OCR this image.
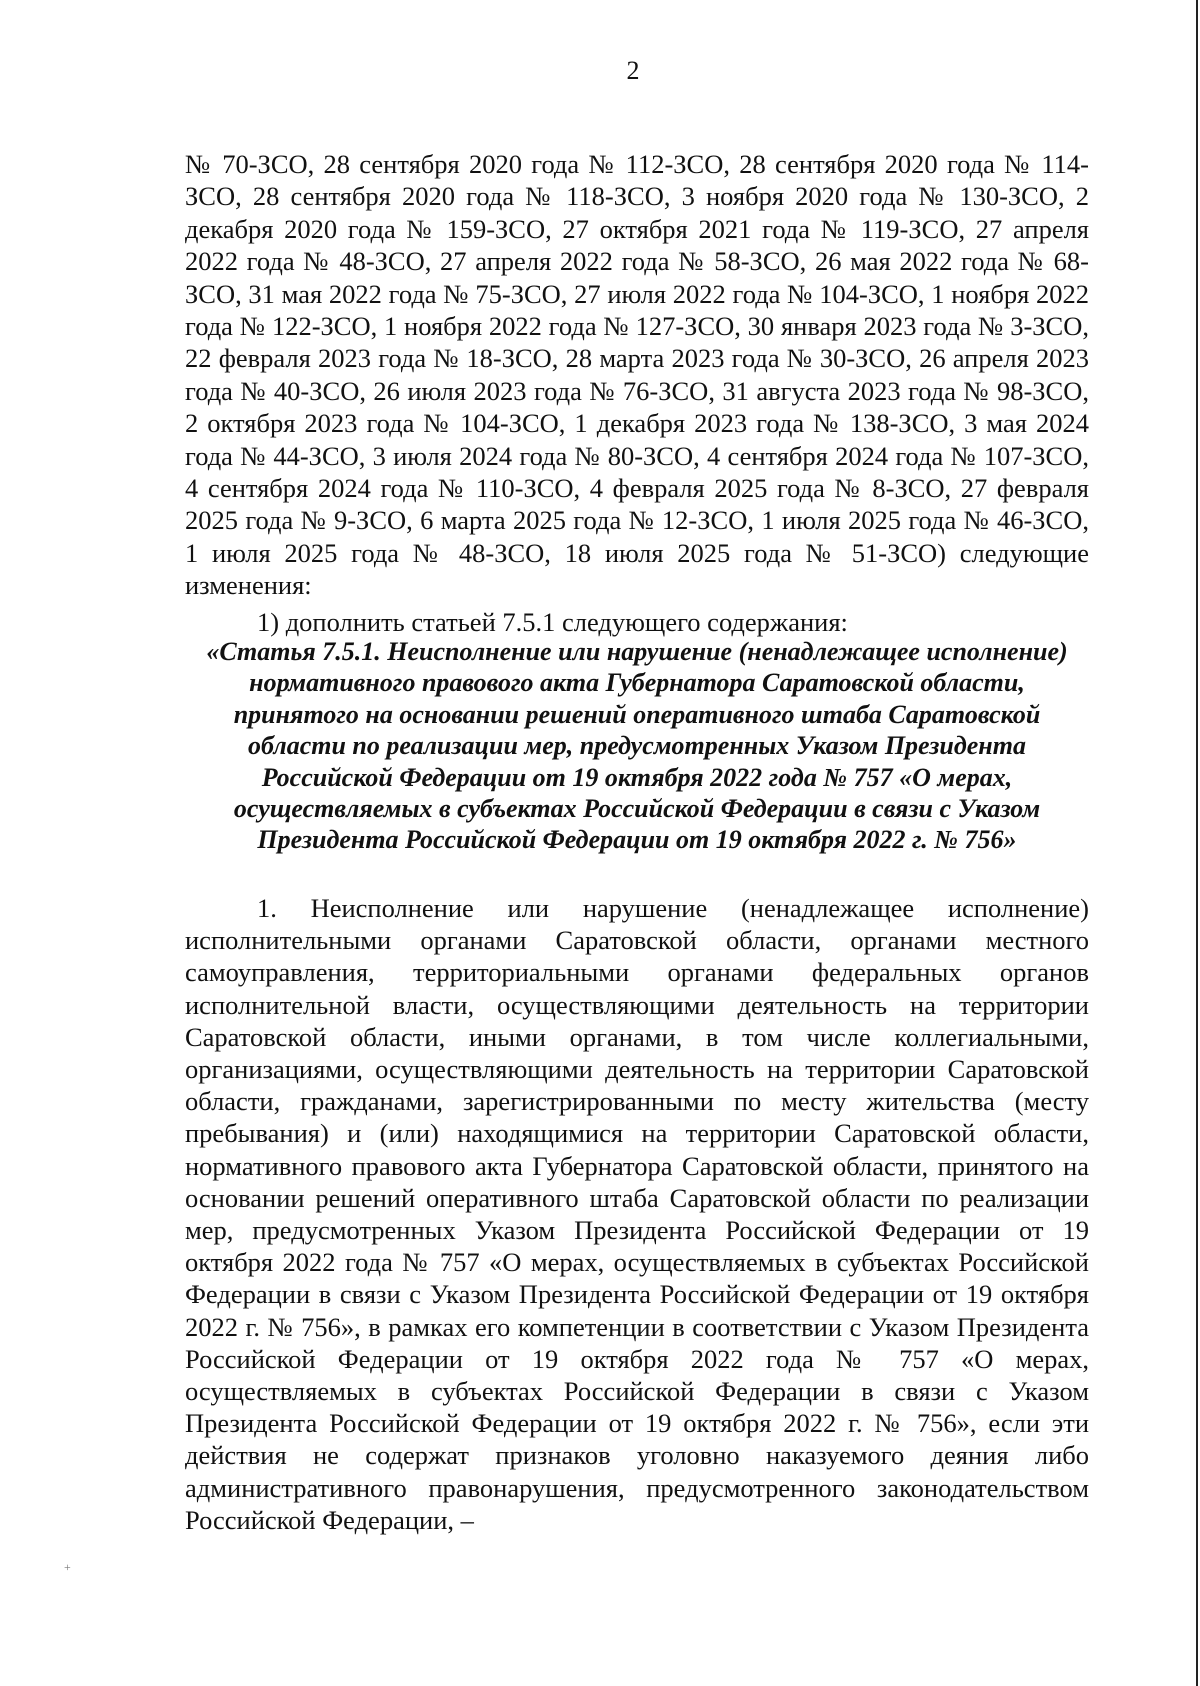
2
№ 70-ЗСО, 28 сентября 2020 года № 112-ЗСО, 28 сентября 2020 года № 114-ЗСО, 28 сентября 2020 года № 118-ЗСО, 3 ноября 2020 года № 130-ЗСО, 2 декабря 2020 года № 159-ЗСО, 27 октября 2021 года № 119-ЗСО, 27 апреля 2022 года № 48-ЗСО, 27 апреля 2022 года № 58-ЗСО, 26 мая 2022 года № 68-ЗСО, 31 мая 2022 года № 75-ЗСО, 27 июля 2022 года № 104-ЗСО, 1 ноября 2022 года № 122-ЗСО, 1 ноября 2022 года № 127-ЗСО, 30 января 2023 года № 3-ЗСО, 22 февраля 2023 года № 18-ЗСО, 28 марта 2023 года № 30-ЗСО, 26 апреля 2023 года № 40-ЗСО, 26 июля 2023 года № 76-ЗСО, 31 августа 2023 года № 98-ЗСО, 2 октября 2023 года № 104-ЗСО, 1 декабря 2023 года № 138-ЗСО, 3 мая 2024 года № 44-ЗСО, 3 июля 2024 года № 80-ЗСО, 4 сентября 2024 года № 107-ЗСО, 4 сентября 2024 года № 110-ЗСО, 4 февраля 2025 года № 8-ЗСО, 27 февраля 2025 года № 9-ЗСО, 6 марта 2025 года № 12-ЗСО, 1 июля 2025 года № 46-ЗСО, 1 июля 2025 года № 48-ЗСО, 18 июля 2025 года № 51-ЗСО) следующие изменения:
1) дополнить статьей 7.5.1 следующего содержания:
«Статья 7.5.1. Неисполнение или нарушение (ненадлежащее исполнение) нормативного правового акта Губернатора Саратовской области, принятого на основании решений оперативного штаба Саратовской области по реализации мер, предусмотренных Указом Президента Российской Федерации от 19 октября 2022 года № 757 «О мерах, осуществляемых в субъектах Российской Федерации в связи с Указом Президента Российской Федерации от 19 октября 2022 г. № 756»
1. Неисполнение или нарушение (ненадлежащее исполнение) исполнительными органами Саратовской области, органами местного самоуправления, территориальными органами федеральных органов исполнительной власти, осуществляющими деятельность на территории Саратовской области, иными органами, в том числе коллегиальными, организациями, осуществляющими деятельность на территории Саратовской области, гражданами, зарегистрированными по месту жительства (месту пребывания) и (или) находящимися на территории Саратовской области, нормативного правового акта Губернатора Саратовской области, принятого на основании решений оперативного штаба Саратовской области по реализации мер, предусмотренных Указом Президента Российской Федерации от 19 октября 2022 года № 757 «О мерах, осуществляемых в субъектах Российской Федерации в связи с Указом Президента Российской Федерации от 19 октября 2022 г. № 756», в рамках его компетенции в соответствии с Указом Президента Российской Федерации от 19 октября 2022 года № 757 «О мерах, осуществляемых в субъектах Российской Федерации в связи с Указом Президента Российской Федерации от 19 октября 2022 г. № 756», если эти действия не содержат признаков уголовно наказуемого деяния либо административного правонарушения, предусмотренного законодательством Российской Федерации, –
+
